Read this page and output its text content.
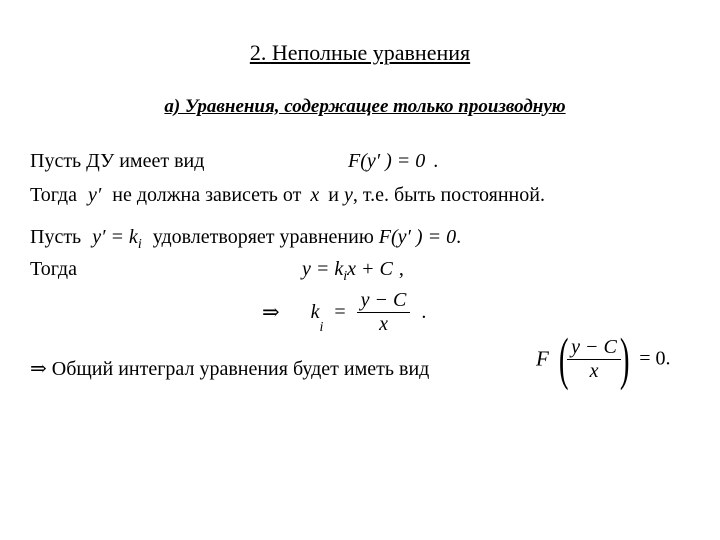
2. Неполные уравнения
а) Уравнения, содержащее только производную
Пусть ДУ имеет вид	F(y′ ) = 0 .
Тогда y′ не должна зависеть от x и y, т.е. быть постоянной.
Пусть $y' = k_i$ удовлетворяет уравнению F(y′ ) = 0.
Тогда	$y = k_ix + C$ ,
⇒ $k_i = \frac{y - C}{x}$ .
⇒ Общий интеграл уравнения будет иметь вид	F (
$\frac{y - C}{x}$
) = 0.
